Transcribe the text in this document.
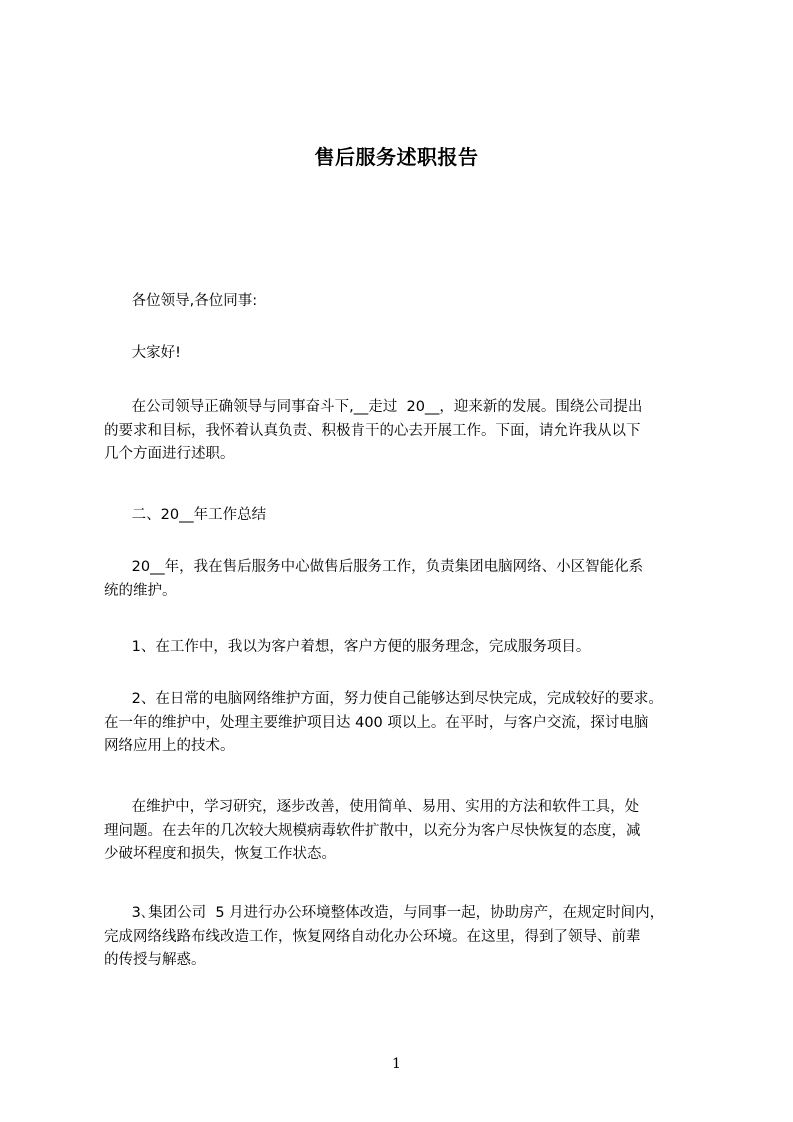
售后服务述职报告
各位领导,各位同事:
大家好!
在公司领导正确领导与同事奋斗下,__走过  20__，迎来新的发展。围绕公司提出
的要求和目标，我怀着认真负责、积极肯干的心去开展工作。下面，请允许我从以下
几个方面进行述职。
二、20__年工作总结
20__年，我在售后服务中心做售后服务工作，负责集团电脑网络、小区智能化系
统的维护。
1、在工作中，我以为客户着想，客户方便的服务理念，完成服务项目。
2、在日常的电脑网络维护方面，努力使自己能够达到尽快完成，完成较好的要求。
在一年的维护中，处理主要维护项目达 400 项以上。在平时，与客户交流，探讨电脑
网络应用上的技术。
在维护中，学习研究，逐步改善，使用简单、易用、实用的方法和软件工具，处
理问题。在去年的几次较大规模病毒软件扩散中，以充分为客户尽快恢复的态度，减
少破坏程度和损失，恢复工作状态。
3､集团公司  5 月进行办公环境整体改造，与同事一起，协助房产，在规定时间内，
完成网络线路布线改造工作，恢复网络自动化办公环境。在这里，得到了领导、前辈
的传授与解惑。
1
